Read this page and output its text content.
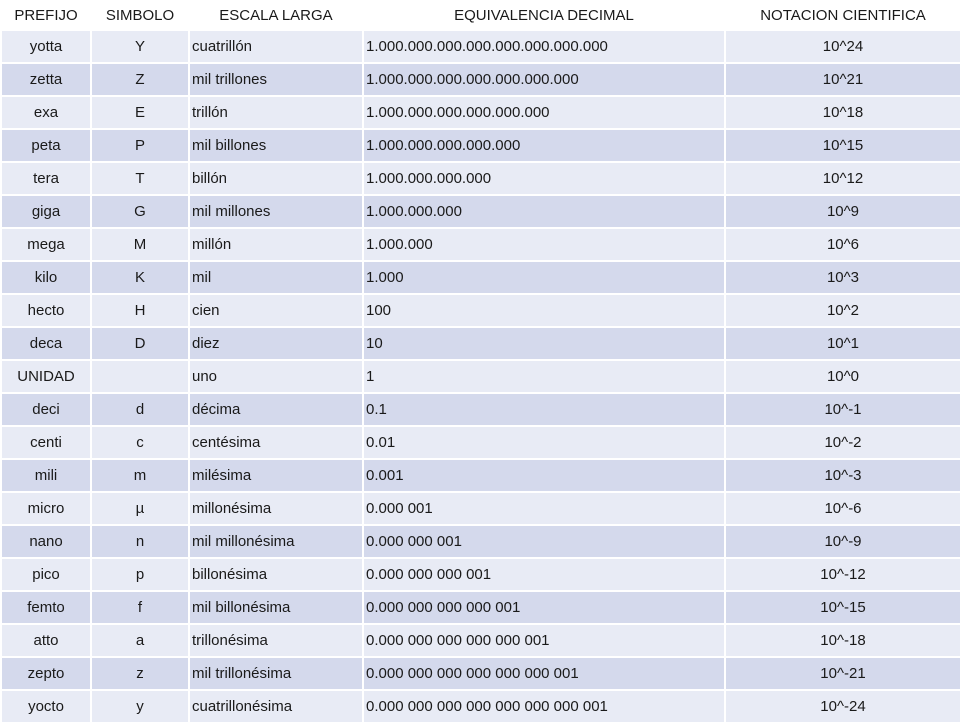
PREFIJO	SIMBOLO	ESCALA LARGA	EQUIVALENCIA DECIMAL	NOTACION CIENTIFICA
yotta	Y	cuatrillón	1.000.000.000.000.000.000.000.000	10^24
zetta	Z	mil trillones	1.000.000.000.000.000.000.000	10^21
exa	E	trillón	1.000.000.000.000.000.000	10^18
peta	P	mil billones	1.000.000.000.000.000	10^15
tera	T	billón	1.000.000.000.000	10^12
giga	G	mil millones	1.000.000.000	10^9
mega	M	millón	1.000.000	10^6
kilo	K	mil	1.000	10^3
hecto	H	cien	100	10^2
deca	D	diez	10	10^1
UNIDAD		uno	1	10^0
deci	d	décima	0.1	10^-1
centi	c	centésima	0.01	10^-2
mili	m	milésima	0.001	10^-3
micro	µ	millonésima	0.000 001	10^-6
nano	n	mil millonésima	0.000 000 001	10^-9
pico	p	billonésima	0.000 000 000 001	10^-12
femto	f	mil billonésima	0.000 000 000 000 001	10^-15
atto	a	trillonésima	0.000 000 000 000 000 001	10^-18
zepto	z	mil trillonésima	0.000 000 000 000 000 000 001	10^-21
yocto	y	cuatrillonésima	0.000 000 000 000 000 000 000 001	10^-24
